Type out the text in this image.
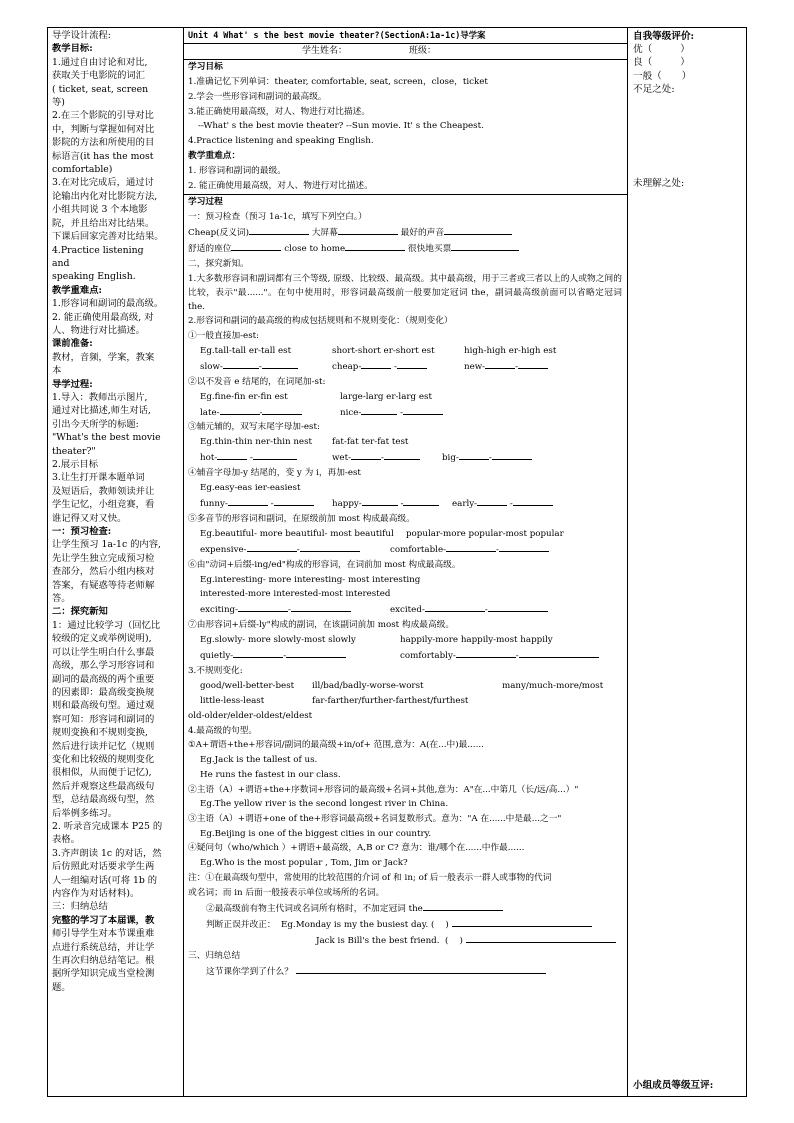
导学设计流程:
教学目标:
1.通过自由讨论和对比,
获取关于电影院的词汇
( ticket, seat, screen
等)
2.在三个影院的引导对比
中，判断与掌握如何对比
影院的方法和所使用的目
标语言(it has the most
comfortable)
3.在对比完成后，通过讨
论输出内化对比影院方法,
小组共同说 3 个本地影
院，并且给出对比结果。
下课后回家完善对比结果。
4.Practice listening
and
speaking English.
教学重难点:
1.形容词和副词的最高级。
2. 能正确使用最高级, 对
人、物进行对比描述。
课前准备:
教材，音频，学案，教案
本
导学过程:
1.导入：教师出示图片,
通过对比描述,师生对话,
引出今天所学的标题:
"What's the best movie
theater?"
2.展示目标
3.让生打开课本题单词
及短语后，教师领读并让
学生记忆，小组竞赛，看
谁记得又对又快。
一：预习检查:
让学生预习 1a-1c 的内容,
先让学生独立完成预习检
查部分，然后小组内核对
答案，有疑惑等待老师解
答。
二：探究新知
1：通过比较学习（回忆比
较级的定义或举例说明),
可以让学生明白什么事最
高级，那么学习形容词和
副词的最高级的两个重要
的因素即：最高级变换规
则和最高级句型。通过观
察可知：形容词和副词的
规则变换和不规则变换,
然后进行读并记忆（规则
变化和比较级的规则变化
很相似，从而便于记忆),
然后并观察这些最高级句
型，总结最高级句型，然
后举例多练习。
2. 听录音完成课本 P25 的
表格。
3.齐声朗读 1c 的对话，然
后仿照此对话要求学生两
人一组编对话(可将 1b 的
内容作为对话材料)。
三：归纳总结
完整的学习了本届课，教
师引导学生对本节课重难
点进行系统总结，并让学
生再次归纳总结笔记。根
据所学知识完成当堂检测
题。
Unit 4 What' s the best movie theater?(SectionA:1a-1c)导学案
学生姓名：	班级：
学习目标
1.准确记忆下列单词：theater, comfortable, seat, screen，close，ticket
2.学会一些形容词和副词的最高级。
3.能正确使用最高级，对人、物进行对比描述。
--What' s the best movie theater? --Sun movie. It' s the Cheapest.
4.Practice listening and speaking English.
教学重难点：
1. 形容词和副词的最级。
2. 能正确使用最高级，对人、物进行对比描述。
学习过程
一：预习检查（预习 1a-1c，填写下列空白。）
Cheap(反义词)	大屏幕	最好的声音
舒适的座位	close to home	很快地买票
二，探究新知。
1.大多数形容词和副词都有三个等级, 原级、比较级、最高级。其中最高级，用于三者或三者以上的人或物之间的比较，表示"最......"。在句中使用时，形容词最高级前一般要加定冠词 the，副词最高级前面可以省略定冠词 the.
2.形容词和副词的最高级的构成包括规则和不规则变化：（规则变化）
①一般直接加-est:
Eg.tall-tall er-tall est	short-short er-short est	high-high er-high est
slow-	-	cheap-	-	new-	-
②以不发音 e 结尾的，在词尾加-st:
Eg.fine-fin er-fin est	large-larg er-larg est
late-	-	nice-	-
③辅元辅的，双写末尾字母加-est:
Eg.thin-thin ner-thin nest fat-fat ter-fat test
hot-	-	wet-	-	big-	-
④辅音字母加-y 结尾的，变 y 为 i，再加-est
Eg.easy-eas ier-easiest
funny-	-	happy-	-	early-	-
⑤多音节的形容词和副词，在原级前加 most 构成最高级。
Eg.beautiful- more beautiful- most beautiful popular-more popular-most popular
expensive-	-	comfortable-	-
⑥由"动词+后缀-ing/ed"构成的形容词，在词前加 most 构成最高级。
Eg.interesting- more interesting- most interesting
interested-more interested-most interested
exciting-	-	excited-	-
⑦由形容词+后缀-ly"构成的副词，在该副词前加 most 构成最高级。
Eg.slowly- more slowly-most slowly	happily-more happily-most happily
quietly-	-	comfortably-	-
3.不规则变化:
good/well-better-best ill/bad/badly-worse-worst	many/much-more/most
little-less-least	far-farther/further-farthest/furthest
old-older/elder-oldest/eldest
4.最高级的句型。
①A+谓语+the+形容词/副词的最高级+in/of+ 范围,意为：A(在...中)最......
Eg.Jack is the tallest of us.
He runs the fastest in our class.
②主语（A）+谓语+the+序数词+形容词的最高级+名词+其他,意为：A"在...中第几（长/远/高...）"
Eg.The yellow river is the second longest river in China.
③主语（A）+谓语+one of the+形容词最高级+名词复数形式。意为："A 在......中是最...之一"
Eg.Beijing is one of the biggest cities in our country.
④疑问句（who/which ）+谓语+最高级，A,B or C? 意为：谁/哪个在......中作最......
Eg.Who is the most popular , Tom, Jim or Jack?
注：①在最高级句型中，常使用的比较范围的介词 of 和 in; of 后一般表示一群人或事物的代词
或名词；而 in 后面一般接表示单位或场所的名词。
②最高级前有物主代词或名词所有格时，不加定冠词 the
判断正误并改正： Eg.Monday is my the busiest day. (    )
Jack is Bill's the best friend.  (    )
三、归纳总结
这节课你学到了什么？
自我等级评价:
优（	）
良（	）
一般（ ）
不足之处:
未理解之处:
小组成员等级互评:
